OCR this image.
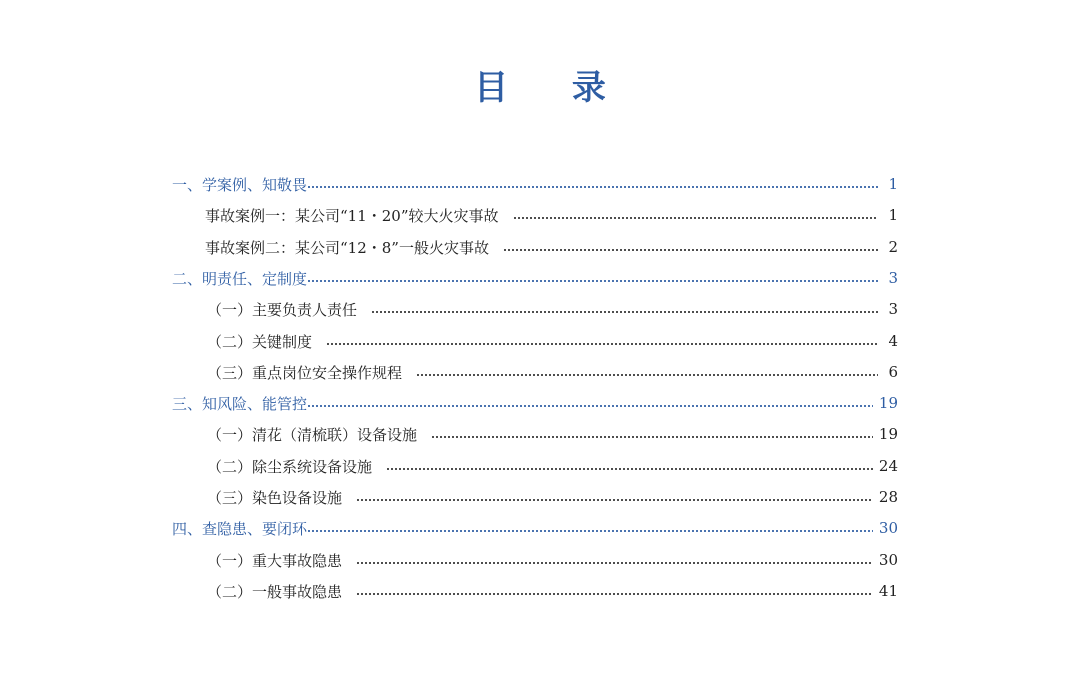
目 录
一、学案例、知敬畏	1
事故案例一：某公司“11・20”较大火灾事故	1
事故案例二：某公司“12・8”一般火灾事故	2
二、明责任、定制度	3
（一）主要负责人责任	3
（二）关键制度	4
（三）重点岗位安全操作规程	6
三、知风险、能管控	19
（一）清花（清梳联）设备设施	19
（二）除尘系统设备设施	24
（三）染色设备设施	28
四、查隐患、要闭环	30
（一）重大事故隐患	30
（二）一般事故隐患	41
